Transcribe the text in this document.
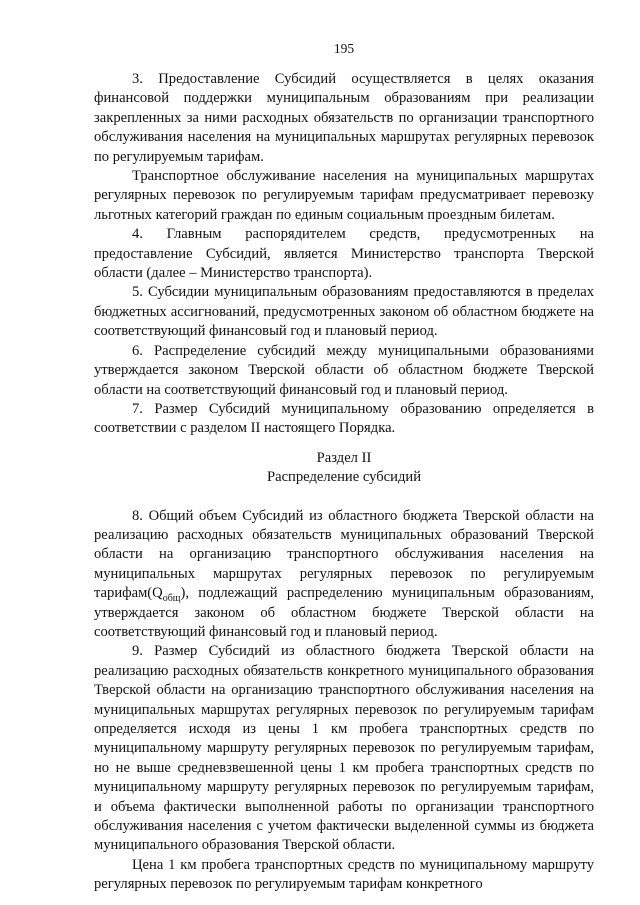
195

3. Предоставление Субсидий осуществляется в целях оказания финансовой поддержки муниципальным образованиям при реализации закрепленных за ними расходных обязательств по организации транспортного обслуживания населения на муниципальных маршрутах регулярных перевозок по регулируемым тарифам.

Транспортное обслуживание населения на муниципальных маршрутах регулярных перевозок по регулируемым тарифам предусматривает перевозку льготных категорий граждан по единым социальным проездным билетам.

4. Главным распорядителем средств, предусмотренных на предоставление Субсидий, является Министерство транспорта Тверской области (далее – Министерство транспорта).

5. Субсидии муниципальным образованиям предоставляются в пределах бюджетных ассигнований, предусмотренных законом об областном бюджете на соответствующий финансовый год и плановый период.

6. Распределение субсидий между муниципальными образованиями утверждается законом Тверской области об областном бюджете Тверской области на соответствующий финансовый год и плановый период.

7. Размер Субсидий муниципальному образованию определяется в соответствии с разделом II настоящего Порядка.

Раздел II
Распределение субсидий

8. Общий объем Субсидий из областного бюджета Тверской области на реализацию расходных обязательств муниципальных образований Тверской области на организацию транспортного обслуживания населения на муниципальных маршрутах регулярных перевозок по регулируемым $тарифам(Q_{общ})$, подлежащий распределению муниципальным образованиям, утверждается законом об областном бюджете Тверской области на соответствующий финансовый год и плановый период.

9. Размер Субсидий из областного бюджета Тверской области на реализацию расходных обязательств конкретного муниципального образования Тверской области на организацию транспортного обслуживания населения на муниципальных маршрутах регулярных перевозок по регулируемым тарифам определяется исходя из цены 1 км пробега транспортных средств по муниципальному маршруту регулярных перевозок по регулируемым тарифам, но не выше средневзвешенной цены 1 км пробега транспортных средств по муниципальному маршруту регулярных перевозок по регулируемым тарифам, и объема фактически выполненной работы по организации транспортного обслуживания населения с учетом фактически выделенной суммы из бюджета муниципального образования Тверской области.

Цена 1 км пробега транспортных средств по муниципальному маршруту регулярных перевозок по регулируемым тарифам конкретного
